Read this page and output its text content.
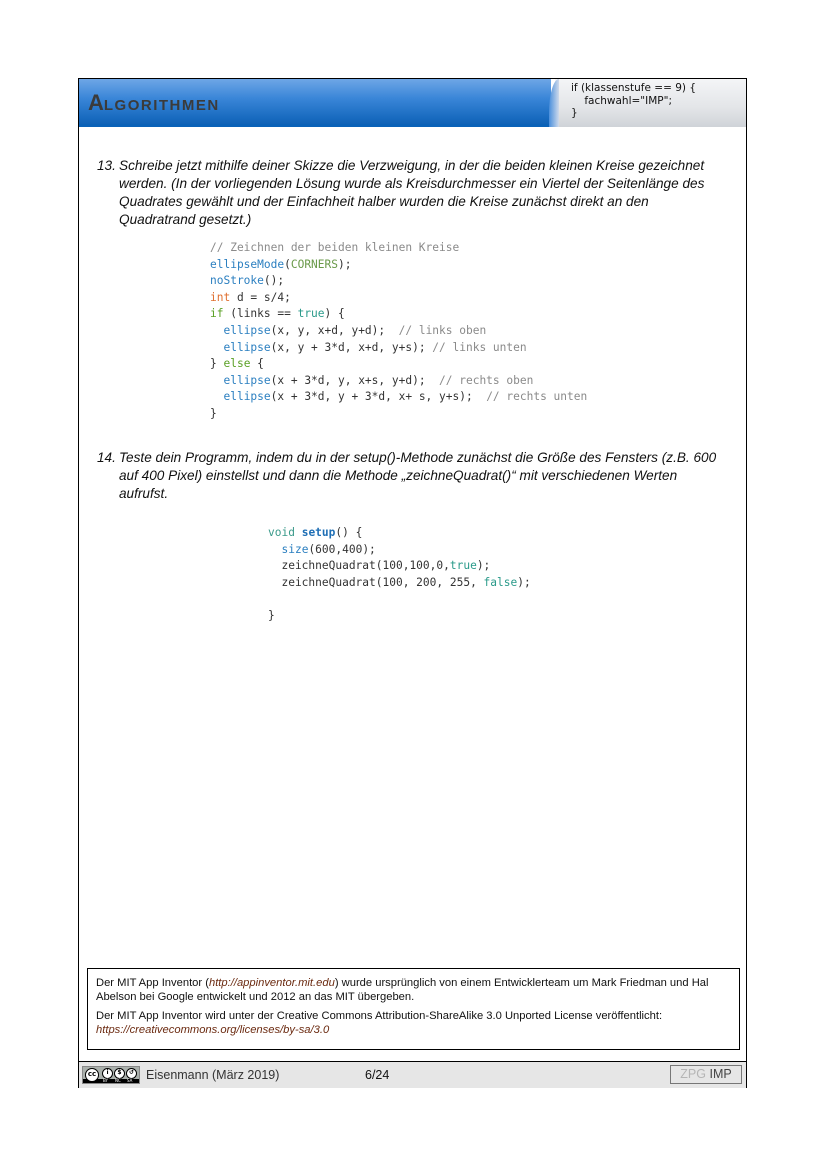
ALGORITHMEN
if (klassenstufe == 9) {
fachwahl="IMP";
}
13. Schreibe jetzt mithilfe deiner Skizze die Verzweigung, in der die beiden kleinen Kreise gezeichnet werden. (In der vorliegenden Lösung wurde als Kreisdurchmesser ein Viertel der Seitenlänge des Quadrates gewählt und der Einfachheit halber wurden die Kreise zunächst direkt an den Quadratrand gesetzt.)
// Zeichnen der beiden kleinen Kreise
ellipseMode(CORNERS);
noStroke();
int d = s/4;
if (links == true) {
ellipse(x, y, x+d, y+d);  // links oben
ellipse(x, y + 3*d, x+d, y+s); // links unten
} else {
ellipse(x + 3*d, y, x+s, y+d);  // rechts oben
ellipse(x + 3*d, y + 3*d, x+ s, y+s);  // rechts unten
}
14. Teste dein Programm, indem du in der setup()-Methode zunächst die Größe des Fensters (z.B. 600 auf 400 Pixel) einstellst und dann die Methode „zeichneQuadrat()“ mit verschiedenen Werten aufrufst.
void setup() {
size(600,400);
zeichneQuadrat(100,100,0,true);
zeichneQuadrat(100, 200, 255, false);

}

Der MIT App Inventor (http://appinventor.mit.edu) wurde ursprünglich von einem Entwicklerteam um Mark Friedman und Hal Abelson bei Google entwickelt und 2012 an das MIT übergeben.

Der MIT App Inventor wird unter der Creative Commons Attribution-ShareAlike 3.0 Unported License veröffentlicht: https://creativecommons.org/licenses/by-sa/3.0

cc	i	$	↺
BY NC SA Eisenmann (März 2019)	6/24	ZPG IMP
